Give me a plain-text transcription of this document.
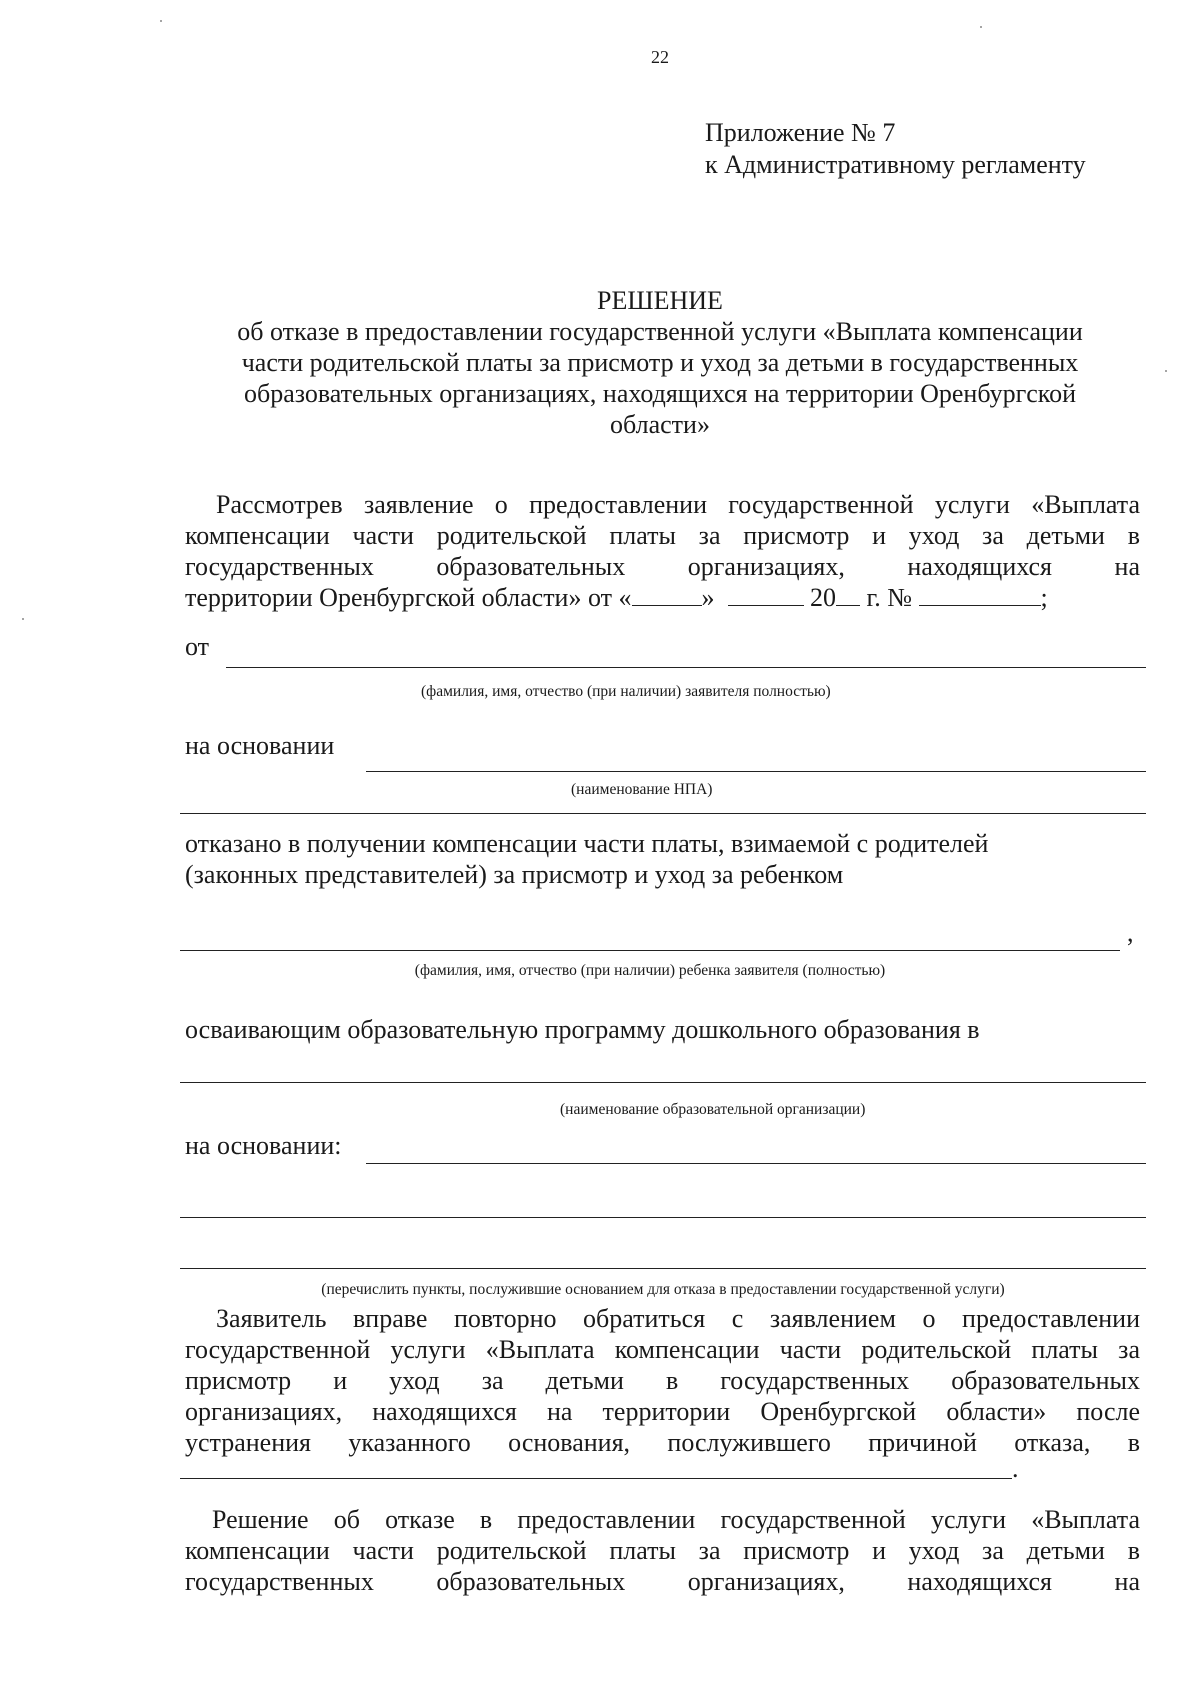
22
Приложение № 7
к Административному регламенту
РЕШЕНИЕ
об отказе в предоставлении государственной услуги «Выплата компенсации
части родительской платы за присмотр и уход за детьми в государственных
образовательных организациях, находящихся на территории Оренбургской
области»
Рассмотрев заявление о предоставлении государственной услуги «Выплата
компенсации части родительской платы за присмотр и уход за детьми в
государственных образовательных организациях, находящихся на
территории Оренбургской области» от «	»	20 г. №	;
от
(фамилия, имя, отчество (при наличии) заявителя полностью)
на основании
(наименование НПА)
отказано в получении компенсации части платы, взимаемой с родителей
(законных представителей) за присмотр и уход за ребенком
,
(фамилия, имя, отчество (при наличии) ребенка заявителя (полностью)
осваивающим образовательную программу дошкольного образования в
(наименование образовательной организации)
на основании:
(перечислить пункты, послужившие основанием для отказа в предоставлении государственной услуги)
Заявитель вправе повторно обратиться с заявлением о предоставлении
государственной услуги «Выплата компенсации части родительской платы за
присмотр и уход за детьми в государственных образовательных
организациях, находящихся на территории Оренбургской области» после
устранения указанного основания, послужившего причиной отказа, в
.
Решение об отказе в предоставлении государственной услуги «Выплата
компенсации части родительской платы за присмотр и уход за детьми в
государственных образовательных организациях, находящихся на
